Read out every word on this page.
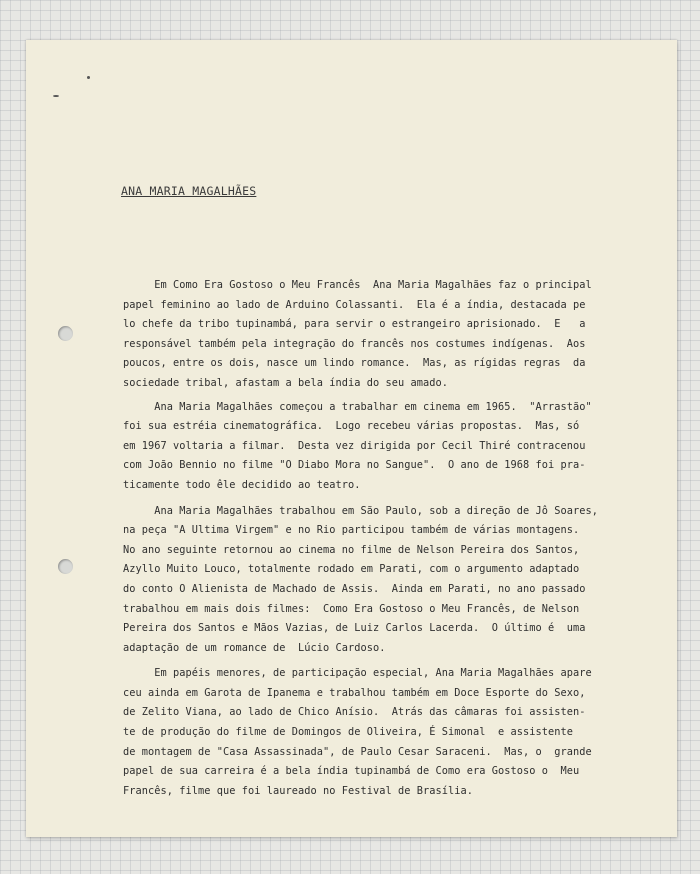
ANA MARIA MAGALHÃES
Em Como Era Gostoso o Meu Francês  Ana Maria Magalhães faz o principal
papel feminino ao lado de Arduino Colassanti.  Ela é a índia, destacada pe
lo chefe da tribo tupinambá, para servir o estrangeiro aprisionado.  E   a
responsável também pela integração do francês nos costumes indígenas.  Aos
poucos, entre os dois, nasce um lindo romance.  Mas, as rígidas regras  da
sociedade tribal, afastam a bela índia do seu amado.
Ana Maria Magalhães começou a trabalhar em cinema em 1965.  "Arrastão"
foi sua estréia cinematográfica.  Logo recebeu várias propostas.  Mas, só
em 1967 voltaria a filmar.  Desta vez dirigida por Cecil Thiré contracenou
com João Bennio no filme "O Diabo Mora no Sangue".  O ano de 1968 foi pra-
ticamente todo êle decidido ao teatro.
Ana Maria Magalhães trabalhou em São Paulo, sob a direção de Jô Soares,
na peça "A Ultima Virgem" e no Rio participou também de várias montagens.
No ano seguinte retornou ao cinema no filme de Nelson Pereira dos Santos,
Azyllo Muito Louco, totalmente rodado em Parati, com o argumento adaptado
do conto O Alienista de Machado de Assis.  Ainda em Parati, no ano passado
trabalhou em mais dois filmes:  Como Era Gostoso o Meu Francês, de Nelson
Pereira dos Santos e Mãos Vazias, de Luiz Carlos Lacerda.  O último é  uma
adaptação de um romance de  Lúcio Cardoso.
Em papéis menores, de participação especial, Ana Maria Magalhães apare
ceu ainda em Garota de Ipanema e trabalhou também em Doce Esporte do Sexo,
de Zelito Viana, ao lado de Chico Anísio.  Atrás das câmaras foi assisten-
te de produção do filme de Domingos de Oliveira, É Simonal  e assistente
de montagem de "Casa Assassinada", de Paulo Cesar Saraceni.  Mas, o  grande
papel de sua carreira é a bela índia tupinambá de Como era Gostoso o  Meu
Francês, filme que foi laureado no Festival de Brasília.
